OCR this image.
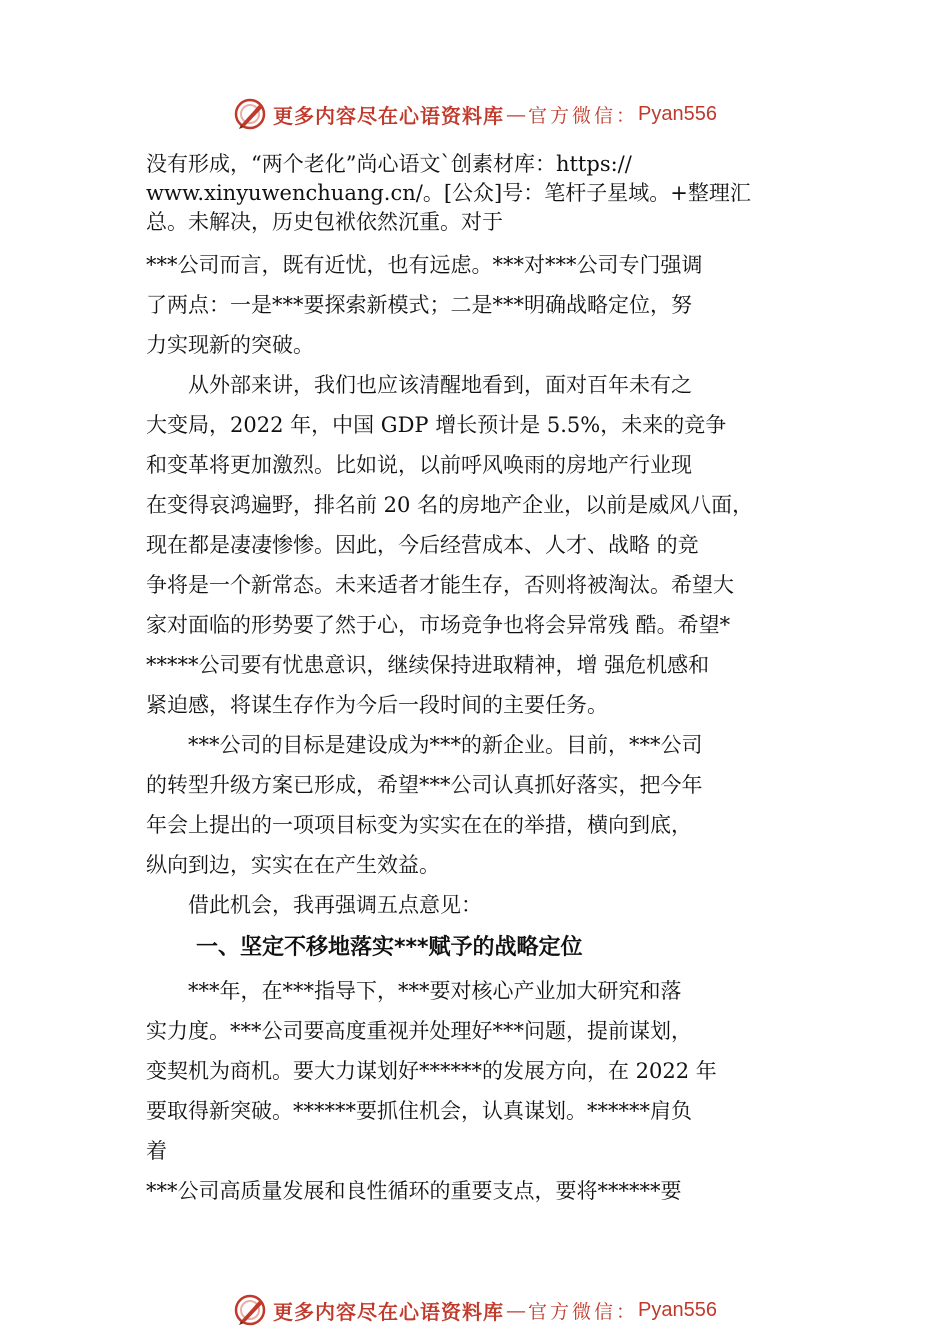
更多内容尽在心语资料库 — 官方微信： Pyan556
没有形成，“两个老化”尚心语文`创素材库：https://
www.xinyuwenchuang.cn/。[公众]号：笔杆子星域。+整理汇
总。未解决，历史包袱依然沉重。对于
***公司而言，既有近忧，也有远虑。***对***公司专门强调
了两点：一是***要探索新模式；二是***明确战略定位，努
力实现新的突破。
从外部来讲，我们也应该清醒地看到，面对百年未有之
大变局，2022 年，中国 GDP 增长预计是 5.5%，未来的竞争
和变革将更加激烈。比如说，以前呼风唤雨的房地产行业现
在变得哀鸿遍野，排名前 20 名的房地产企业，以前是威风八面，
现在都是凄凄惨惨。因此，今后经营成本、人才、战略 的竞
争将是一个新常态。未来适者才能生存，否则将被淘汰。希望大
家对面临的形势要了然于心，市场竞争也将会异常残 酷。希望*
*****公司要有忧患意识，继续保持进取精神，增 强危机感和
紧迫感，将谋生存作为今后一段时间的主要任务。
***公司的目标是建设成为***的新企业。目前，***公司
的转型升级方案已形成，希望***公司认真抓好落实，把今年
年会上提出的一项项目标变为实实在在的举措，横向到底，
纵向到边，实实在在产生效益。
借此机会，我再强调五点意见：
一、坚定不移地落实***赋予的战略定位
***年，在***指导下，***要对核心产业加大研究和落
实力度。***公司要高度重视并处理好***问题，提前谋划，
变契机为商机。要大力谋划好******的发展方向，在 2022 年
要取得新突破。******要抓住机会，认真谋划。******肩负
着
***公司高质量发展和良性循环的重要支点，要将******要
更多内容尽在心语资料库 — 官方微信： Pyan556
